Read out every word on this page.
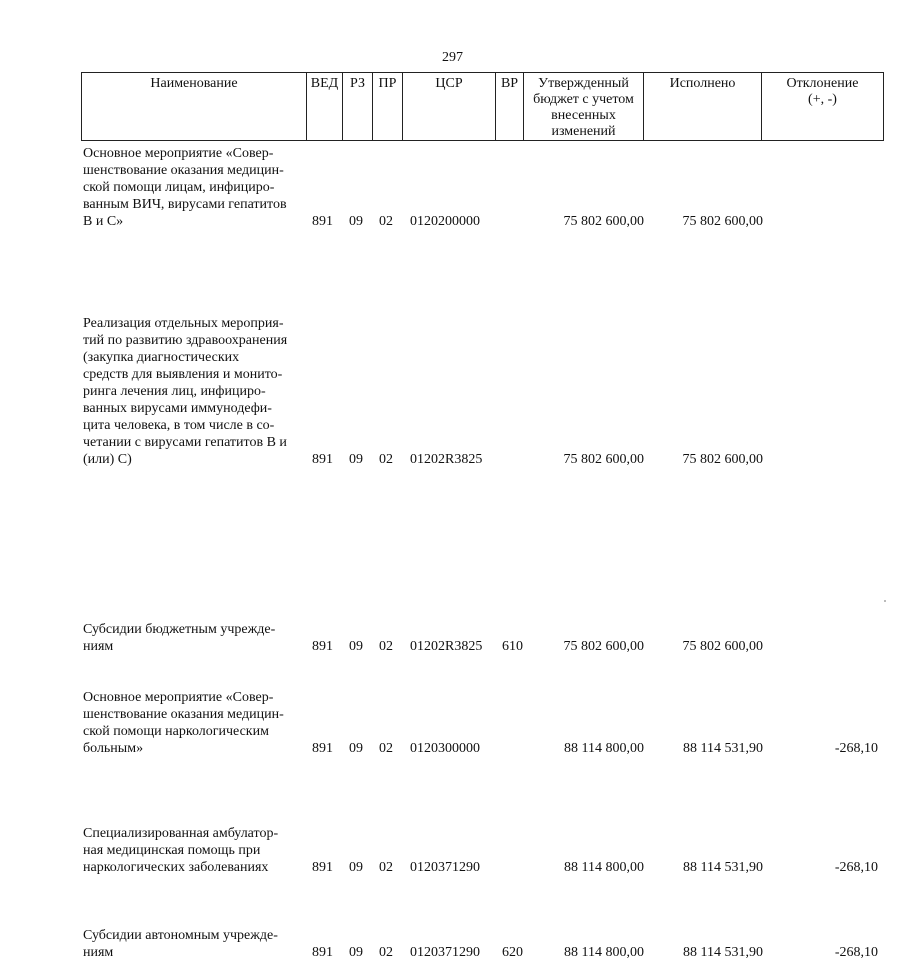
297
Наименование	ВЕД	РЗ	ПР	ЦСР	ВР	Утвержденный
бюджет с учетом
внесенных
изменений
	Исполнено	Отклонение
(+, -)
Основное мероприятие «Совер-
шенствование оказания медицин-
ской помощи лицам, инфициро-
ванным ВИЧ, вирусами гепатитов
В и С»	891 09 02 0120200000	75 802 600,00	75 802 600,00
Реализация отдельных мероприя-
тий по развитию здравоохранения
(закупка диагностических
средств для выявления и монито-
ринга лечения лиц, инфициро-
ванных вирусами иммунодефи-
цита человека, в том числе в со-
четании с вирусами гепатитов В и
(или) С)	891 09 02 01202R3825	75 802 600,00	75 802 600,00
Субсидии бюджетным учрежде-
ниям	891 09 02 01202R3825 610	75 802 600,00	75 802 600,00
Основное мероприятие «Совер-
шенствование оказания медицин-
ской помощи наркологическим
больным»	891 09 02 0120300000	88 114 800,00	88 114 531,90	-268,10
Специализированная амбулатор-
ная медицинская помощь при
наркологических заболеваниях	891 09 02 0120371290	88 114 800,00	88 114 531,90	-268,10
Субсидии автономным учрежде-
ниям	891 09 02 0120371290 620	88 114 800,00	88 114 531,90	-268,10
